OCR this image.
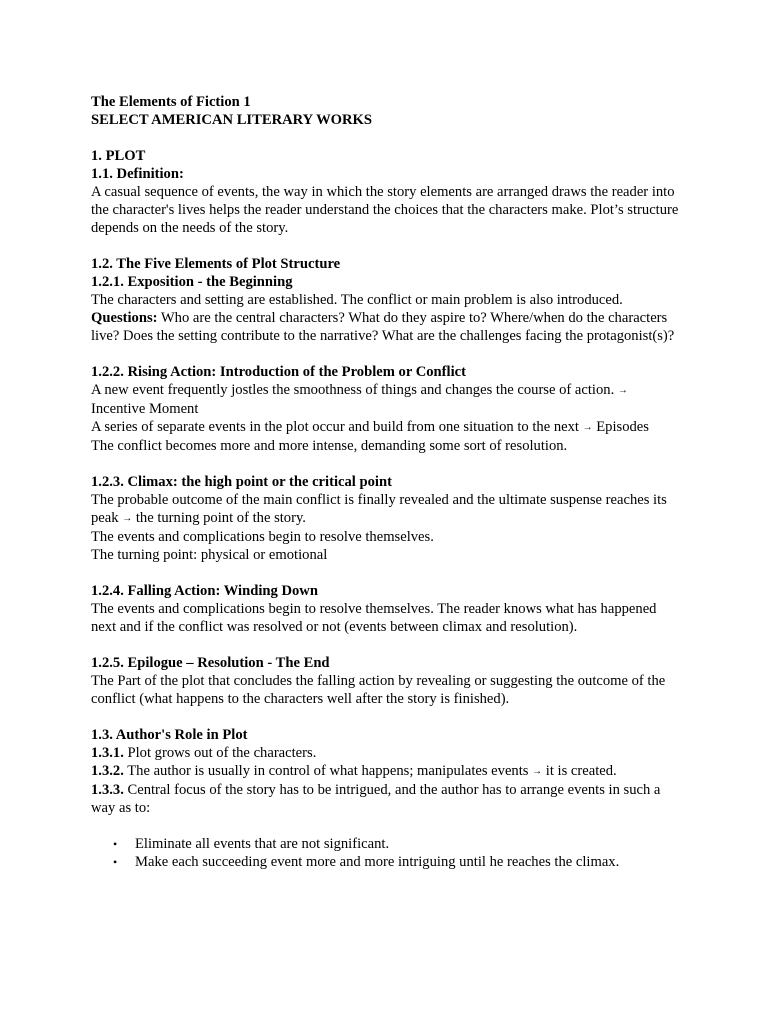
The Elements of Fiction 1

SELECT AMERICAN LITERARY WORKS

1. PLOT

1.1. Definition:

A casual sequence of events, the way in which the story elements are arranged draws the reader into the character's lives helps the reader understand the choices that the characters make. Plot’s structure depends on the needs of the story.

1.2. The Five Elements of Plot Structure

1.2.1. Exposition - the Beginning

The characters and setting are established. The conflict or main problem is also introduced.

Questions: Who are the central characters? What do they aspire to? Where/when do the characters live? Does the setting contribute to the narrative? What are the challenges facing the protagonist(s)?

1.2.2. Rising Action: Introduction of the Problem or Conflict

A new event frequently jostles the smoothness of things and changes the course of action. →
Incentive Moment

A series of separate events in the plot occur and build from one situation to the next → Episodes

The conflict becomes more and more intense, demanding some sort of resolution.

1.2.3. Climax: the high point or the critical point

The probable outcome of the main conflict is finally revealed and the ultimate suspense reaches its peak → the turning point of the story.

The events and complications begin to resolve themselves.

The turning point: physical or emotional

1.2.4. Falling Action: Winding Down

The events and complications begin to resolve themselves. The reader knows what has happened next and if the conflict was resolved or not (events between climax and resolution).

1.2.5. Epilogue – Resolution - The End

The Part of the plot that concludes the falling action by revealing or suggesting the outcome of the conflict (what happens to the characters well after the story is finished).

1.3. Author's Role in Plot

1.3.1. Plot grows out of the characters.

1.3.2. The author is usually in control of what happens; manipulates events → it is created.

1.3.3. Central focus of the story has to be intrigued, and the author has to arrange events in such a way as to:

• Eliminate all events that are not significant.
• Make each succeeding event more and more intriguing until he reaches the climax.
